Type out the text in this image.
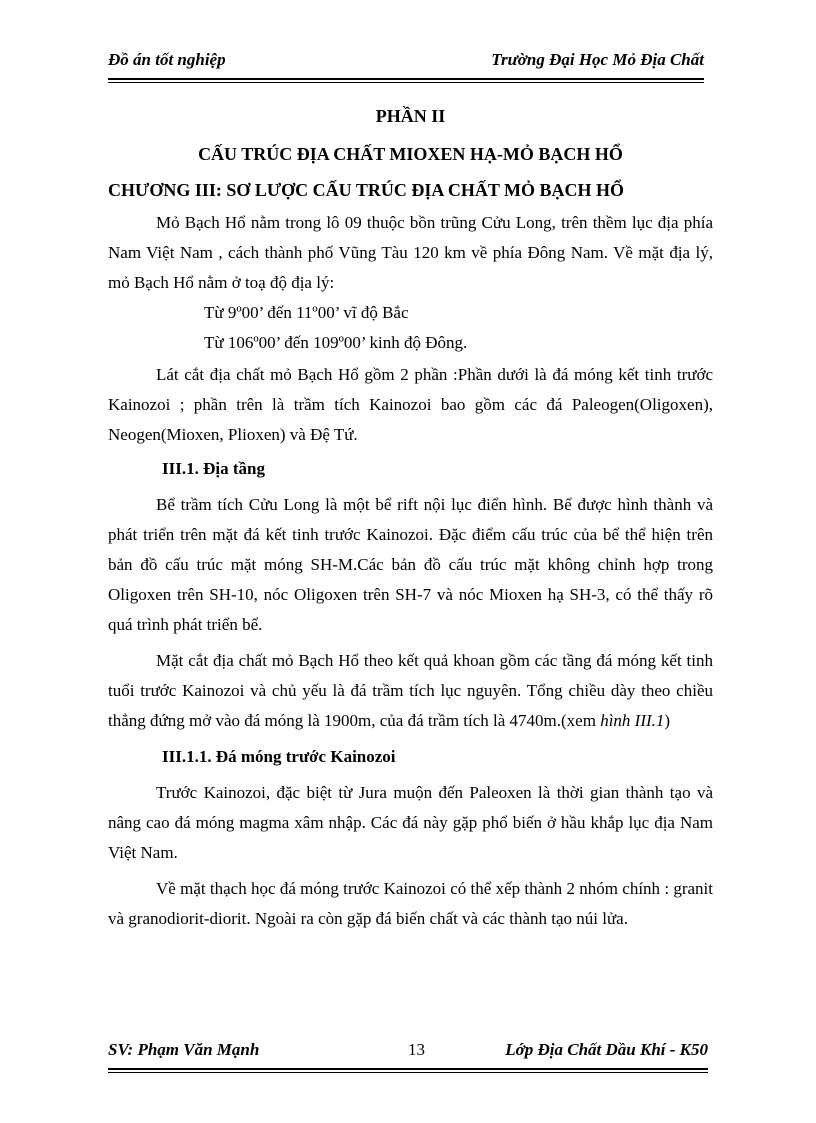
Đồ án tốt nghiệp	Trường Đại Học Mỏ Địa Chất
PHẦN II
CẤU TRÚC ĐỊA CHẤT MIOXEN HẠ-MỎ BẠCH HỔ
CHƯƠNG III: SƠ LƯỢC CẤU TRÚC ĐỊA CHẤT MỎ BẠCH HỔ

Mỏ Bạch Hổ nằm trong lô 09 thuộc bồn trũng Cửu Long, trên thềm lục địa phía Nam Việt Nam , cách thành phố Vũng Tàu 120 km về phía Đông Nam. Về mặt địa lý, mỏ Bạch Hổ nằm ở toạ độ địa lý:

Từ 9º00’ đến 11º00’ vĩ độ Bắc
Từ 106º00’ đến 109º00’ kinh độ Đông.

Lát cắt địa chất mỏ Bạch Hổ gồm 2 phần :Phần dưới là đá móng kết tinh trước Kainozoi ; phần trên là trầm tích Kainozoi bao gồm các đá Paleogen(Oligoxen), Neogen(Mioxen, Plioxen) và Đệ Tứ.

III.1. Địa tầng

Bể trầm tích Cửu Long là một bể rift nội lục điển hình. Bể được hình thành và phát triển trên mặt đá kết tinh trước Kainozoi. Đặc điểm cấu trúc của bể thể hiện trên bản đồ cấu trúc mặt móng SH-M.Các bản đồ cấu trúc mặt không chỉnh hợp trong Oligoxen trên SH-10, nóc Oligoxen trên SH-7 và nóc Mioxen hạ SH-3, có thể thấy rõ quá trình phát triển bể.

Mặt cắt địa chất mỏ Bạch Hổ theo kết quả khoan gồm các tầng đá móng kết tinh tuổi trước Kainozoi và chủ yếu là đá trầm tích lục nguyên. Tổng chiều dày theo chiều thẳng đứng mở vào đá móng là 1900m, của đá trầm tích là 4740m.(xem hình III.1)

III.1.1. Đá móng trước Kainozoi

Trước Kainozoi, đặc biệt từ Jura muộn đến Paleoxen là thời gian thành tạo và nâng cao đá móng magma xâm nhập. Các đá này gặp phổ biến ở hầu khắp lục địa Nam Việt Nam.

Về mặt thạch học đá móng trước Kainozoi có thể xếp thành 2 nhóm chính : granit và granodiorit-diorit. Ngoài ra còn gặp đá biến chất và các thành tạo núi lửa.

SV: Phạm Văn Mạnh	13	Lớp Địa Chất Dầu Khí - K50
